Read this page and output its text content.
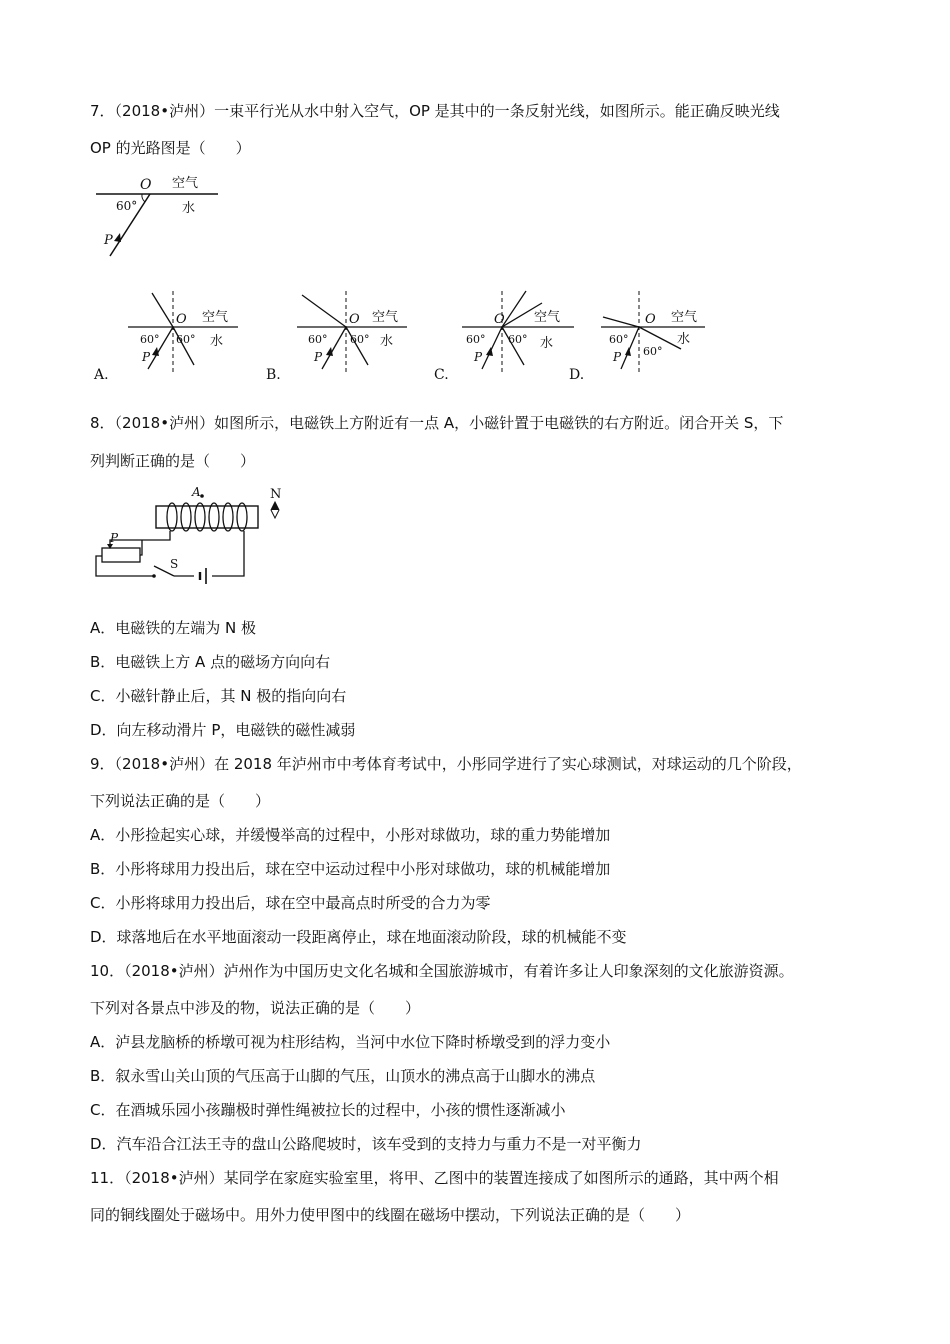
7．（2018•泸州）一束平行光从水中射入空气，OP 是其中的一条反射光线，如图所示。能正确反映光线
OP 的光路图是（　　）
O 空气
水
60°
P
O 空气
水
60° 60°
P
A.
O 空气
水
60° 60°
P
B.
O 空气
水
60° 60°
P
C.
O 空气
水
60°
60°
P
D.
8．（2018•泸州）如图所示，电磁铁上方附近有一点 A，小磁针置于电磁铁的右方附近。闭合开关 S，下
列判断正确的是（　　）
A	N
S
P
A．电磁铁的左端为 N 极
B．电磁铁上方 A 点的磁场方向向右
C．小磁针静止后，其 N 极的指向向右
D．向左移动滑片 P，电磁铁的磁性减弱
9．（2018•泸州）在 2018 年泸州市中考体育考试中，小彤同学进行了实心球测试，对球运动的几个阶段，
下列说法正确的是（　　）
A．小彤捡起实心球，并缓慢举高的过程中，小彤对球做功，球的重力势能增加
B．小彤将球用力投出后，球在空中运动过程中小彤对球做功，球的机械能增加
C．小彤将球用力投出后，球在空中最高点时所受的合力为零
D．球落地后在水平地面滚动一段距离停止，球在地面滚动阶段，球的机械能不变
10．（2018•泸州）泸州作为中国历史文化名城和全国旅游城市，有着许多让人印象深刻的文化旅游资源。
下列对各景点中涉及的物，说法正确的是（　　）
A．泸县龙脑桥的桥墩可视为柱形结构，当河中水位下降时桥墩受到的浮力变小
B．叙永雪山关山顶的气压高于山脚的气压，山顶水的沸点高于山脚水的沸点
C．在酒城乐园小孩蹦极时弹性绳被拉长的过程中，小孩的惯性逐渐减小
D．汽车沿合江法王寺的盘山公路爬坡时，该车受到的支持力与重力不是一对平衡力
11．（2018•泸州）某同学在家庭实验室里，将甲、乙图中的装置连接成了如图所示的通路，其中两个相
同的铜线圈处于磁场中。用外力使甲图中的线圈在磁场中摆动，下列说法正确的是（　　）
